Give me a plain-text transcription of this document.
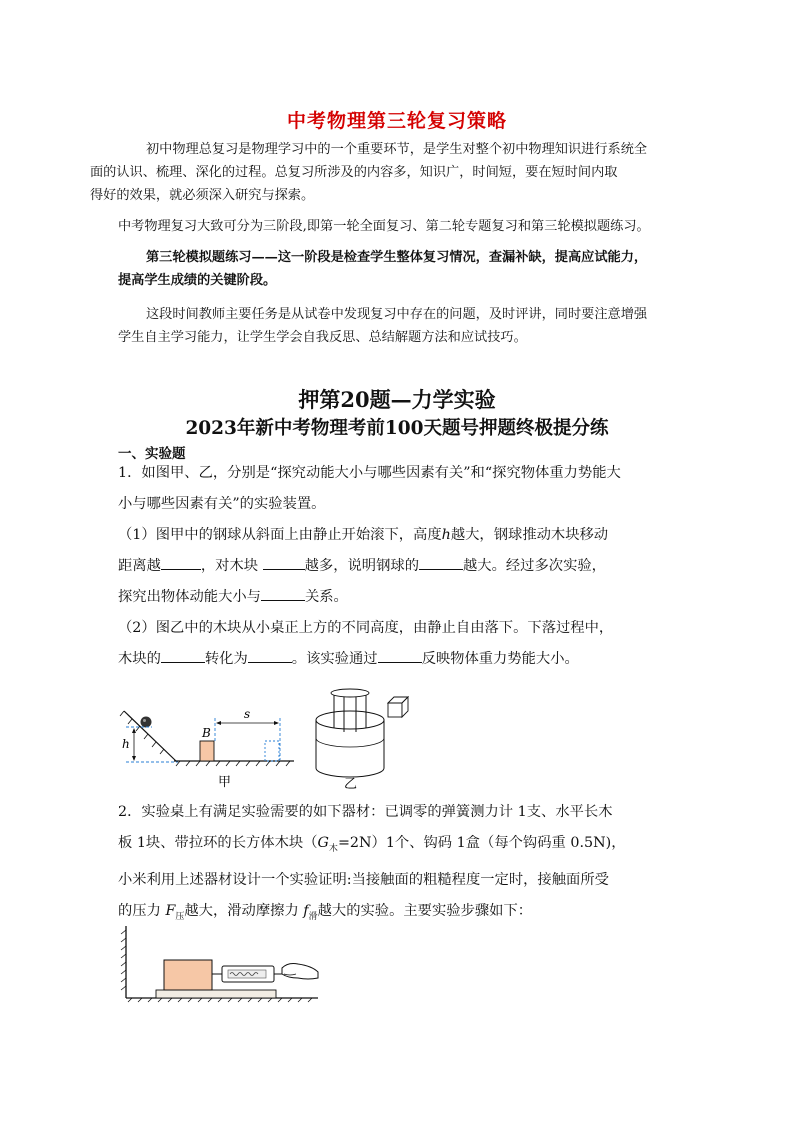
中考物理第三轮复习策略
初中物理总复习是物理学习中的一个重要环节，是学生对整个初中物理知识进行系统全
面的认识、梳理、深化的过程。总复习所涉及的内容多，知识广，时间短，要在短时间内取
得好的效果，就必须深入研究与探索。
中考物理复习大致可分为三阶段,即第一轮全面复习、第二轮专题复习和第三轮模拟题练习。
第三轮模拟题练习——这一阶段是检查学生整体复习情况，查漏补缺，提高应试能力，
提高学生成绩的关键阶段。
这段时间教师主要任务是从试卷中发现复习中存在的问题，及时评讲，同时要注意增强
学生自主学习能力，让学生学会自我反思、总结解题方法和应试技巧。
押第20题—力学实验
2023年新中考物理考前100天题号押题终极提分练
一、实验题
1．如图甲、乙，分别是“探究动能大小与哪些因素有关”和“探究物体重力势能大
小与哪些因素有关”的实验装置。
（1）图甲中的钢球从斜面上由静止开始滚下，高度h越大，钢球推动木块移动
距离越	，对木块	越多，说明钢球的	越大。经过多次实验，
探究出物体动能大小与	关系。
（2）图乙中的木块从小桌正上方的不同高度，由静止自由落下。下落过程中，
木块的	转化为	。该实验通过	反映物体重力势能大小。
h
B
s
甲	乙
2．实验桌上有满足实验需要的如下器材：已调零的弹簧测力计 1支、水平长木
板 1块、带拉环的长方体木块$(G_木=2N)1$个、钩码 1盒（每个钩码重 0.5N)，
小米利用上述器材设计一个实验证明:当接触面的粗糙程度一定时，接触面所受
的压力 $F_压$越大，滑动摩擦力 $f_滑$越大的实验。主要实验步骤如下：
